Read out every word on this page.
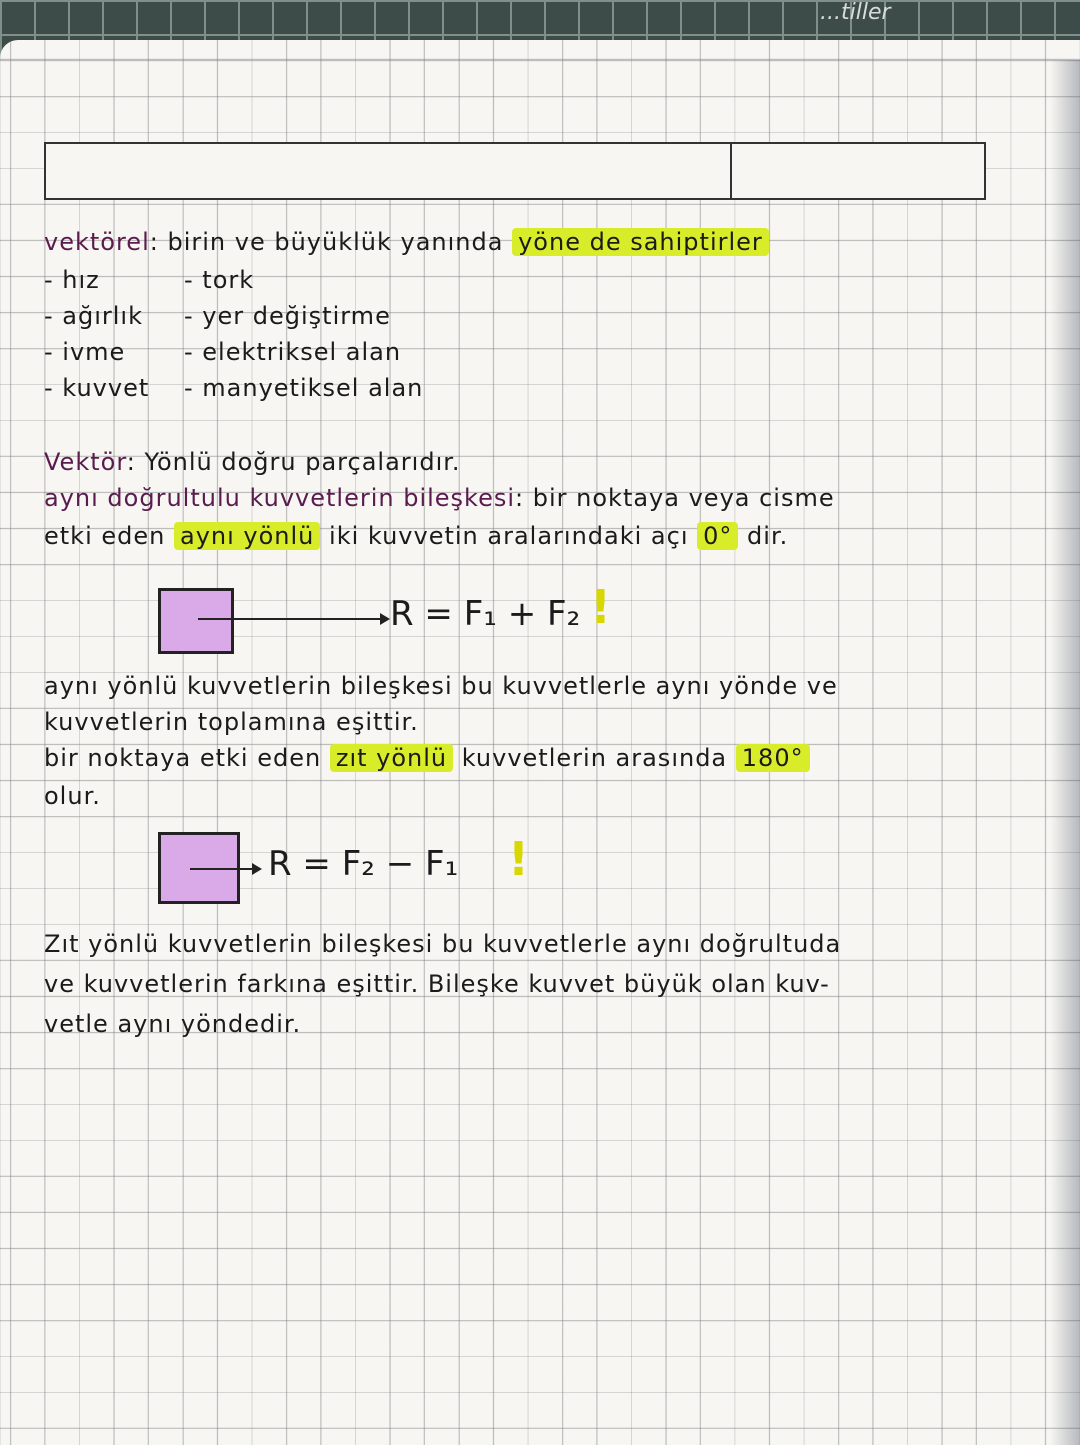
...tiller
vektörel: birin ve büyüklük yanında yöne de sahiptirler
- hız	- tork
- ağırlık - yer değiştirme
- ivme - elektriksel alan
- kuvvet - manyetiksel alan
Vektör: Yönlü doğru parçalarıdır.
aynı doğrultulu kuvvetlerin bileşkesi: bir noktaya veya cisme
etki eden aynı yönlü iki kuvvetin aralarındaki açı 0° dir.
R = F₁ + F₂ !
aynı yönlü kuvvetlerin bileşkesi bu kuvvetlerle aynı yönde ve
kuvvetlerin toplamına eşittir.
bir noktaya etki eden zıt yönlü kuvvetlerin arasında 180°
olur.
R = F₂ − F₁ !
Zıt yönlü kuvvetlerin bileşkesi bu kuvvetlerle aynı doğrultuda
ve kuvvetlerin farkına eşittir. Bileşke kuvvet büyük olan kuv-
vetle aynı yöndedir.
